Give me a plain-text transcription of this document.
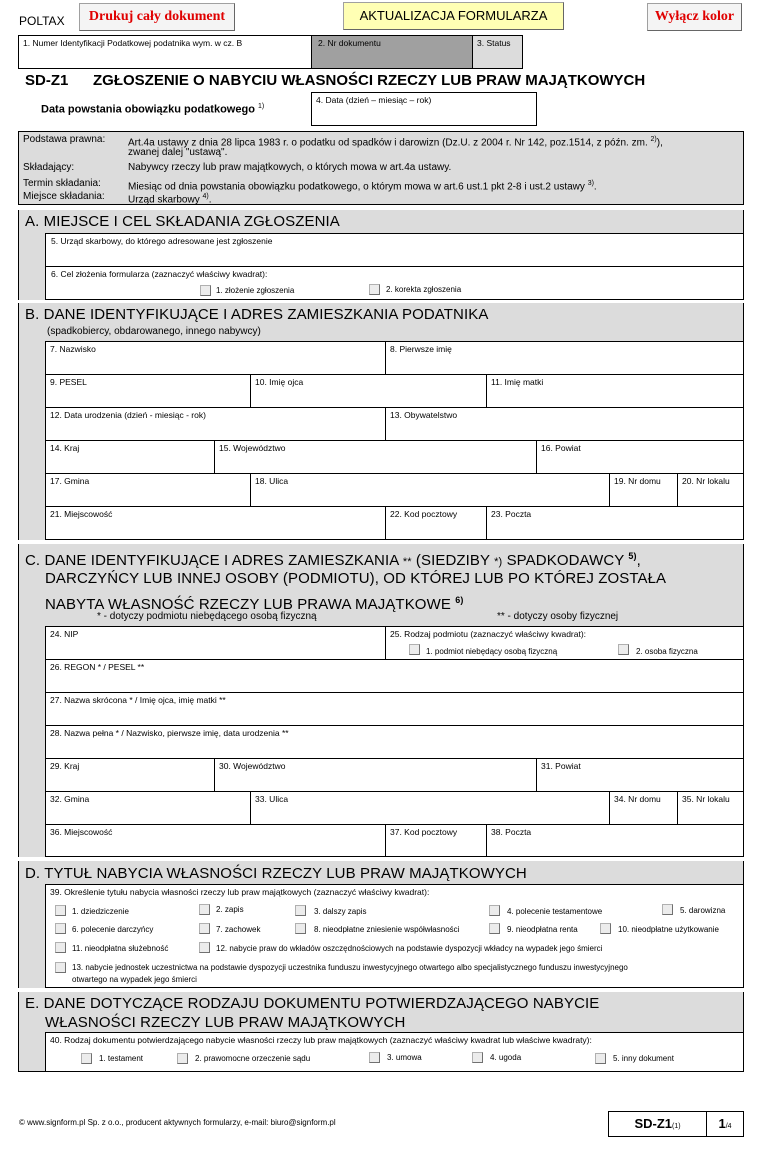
POLTAX	Drukuj cały dokument	AKTUALIZACJA FORMULARZA	Wyłącz kolor
1. Numer Identyfikacji Podatkowej podatnika wym. w cz. B	2. Nr dokumentu	3. Status
SD-Z1 ZGŁOSZENIE O NABYCIU WŁASNOŚCI RZECZY LUB PRAW MAJĄTKOWYCH
Data powstania obowiązku podatkowego $^{1)}$
4. Data (dzień – miesiąc – rok)
Podstawa prawna: Art.4a ustawy z dnia 28 lipca 1983 r. o podatku od spadków i darowizn (Dz.U. z 2004 r. Nr 142, poz.1514, z późn. zm. $^{2)}$),
zwanej dalej "ustawą".
Składający:	Nabywcy rzeczy lub praw majątkowych, o których mowa w art.4a ustawy.
Termin składania:	Miesiąc od dnia powstania obowiązku podatkowego, o którym mowa w art.6 ust.1 pkt 2-8 i ust.2 ustawy $^{3)}$.
Miejsce składania: Urząd skarbowy $^{4)}$.
A. MIEJSCE I CEL SKŁADANIA ZGŁOSZENIA
5. Urząd skarbowy, do którego adresowane jest zgłoszenie
6. Cel złożenia formularza (zaznaczyć właściwy kwadrat):
1. złożenie zgłoszenia	2. korekta zgłoszenia
B. DANE IDENTYFIKUJĄCE I ADRES ZAMIESZKANIA PODATNIKA
(spadkobiercy, obdarowanego, innego nabywcy)
7. Nazwisko	8. Pierwsze imię
9. PESEL	10. Imię ojca	11. Imię matki
12. Data urodzenia (dzień - miesiąc - rok)	13. Obywatelstwo
14. Kraj	15. Województwo	16. Powiat
17. Gmina	18. Ulica	19. Nr domu 20. Nr lokalu
21. Miejscowość	22. Kod pocztowy	23. Poczta
C. DANE IDENTYFIKUJĄCE I ADRES ZAMIESZKANIA ** (SIEDZIBY *) SPADKODAWCY $^{5)}$,
DARCZYŃCY LUB INNEJ OSOBY (PODMIOTU), OD KTÓREJ LUB PO KTÓREJ ZOSTAŁA
NABYTA WŁASNOŚĆ RZECZY LUB PRAWA MAJĄTKOWE $^{6)}$
* - dotyczy podmiotu niebędącego osobą fizyczną	** - dotyczy osoby fizycznej
24. NIP	25. Rodzaj podmiotu (zaznaczyć właściwy kwadrat):
1. podmiot niebędący osobą fizyczną	2. osoba fizyczna
26. REGON * / PESEL **
27. Nazwa skrócona * / Imię ojca, imię matki **
28. Nazwa pełna * / Nazwisko, pierwsze imię, data urodzenia **
29. Kraj	30. Województwo	31. Powiat
32. Gmina	33. Ulica	34. Nr domu 35. Nr lokalu
36. Miejscowość	37. Kod pocztowy	38. Poczta
D. TYTUŁ NABYCIA WŁASNOŚCI RZECZY LUB PRAW MAJĄTKOWYCH
39. Określenie tytułu nabycia własności rzeczy lub praw majątkowych (zaznaczyć właściwy kwadrat):
1. dziedziczenie	2. zapis	3. dalszy zapis	4. polecenie testamentowe	5. darowizna
6. polecenie darczyńcy	7. zachowek	8. nieodpłatne zniesienie współwłasności	9. nieodpłatna renta	10. nieodpłatne użytkowanie
11. nieodpłatna służebność	12. nabycie praw do wkładów oszczędnościowych na podstawie dyspozycji wkładcy na wypadek jego śmierci
13. nabycie jednostek uczestnictwa na podstawie dyspozycji uczestnika funduszu inwestycyjnego otwartego albo specjalistycznego funduszu inwestycyjnego
otwartego na wypadek jego śmierci
E. DANE DOTYCZĄCE RODZAJU DOKUMENTU POTWIERDZAJĄCEGO NABYCIE
WŁASNOŚCI RZECZY LUB PRAW MAJĄTKOWYCH
40. Rodzaj dokumentu potwierdzającego nabycie własności rzeczy lub praw majątkowych (zaznaczyć właściwy kwadrat lub właściwe kwadraty):
1. testament	2. prawomocne orzeczenie sądu	3. umowa	4. ugoda	5. inny dokument
© www.signform.pl Sp. z o.o., producent aktywnych formularzy, e-mail: biuro@signform.pl	SD-Z1(1)	1/4
